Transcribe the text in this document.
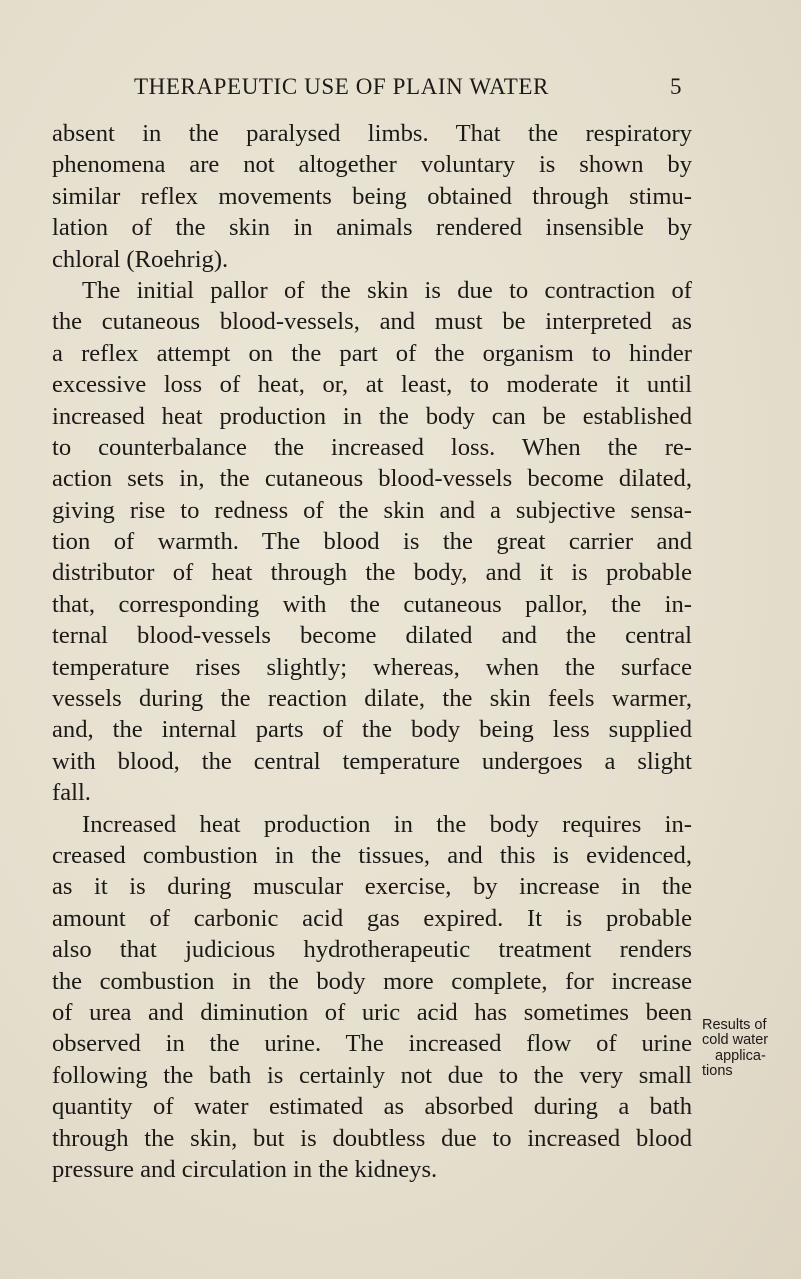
THERAPEUTIC USE OF PLAIN WATER	5
absent in the paralysed limbs. That the respiratory
phenomena are not altogether voluntary is shown by
similar reflex movements being obtained through stimu-
lation of the skin in animals rendered insensible by
chloral (Roehrig).
The initial pallor of the skin is due to contraction of
the cutaneous blood-vessels, and must be interpreted as
a reflex attempt on the part of the organism to hinder
excessive loss of heat, or, at least, to moderate it until
increased heat production in the body can be established
to counterbalance the increased loss. When the re-
action sets in, the cutaneous blood-vessels become dilated,
giving rise to redness of the skin and a subjective sensa-
tion of warmth. The blood is the great carrier and
distributor of heat through the body, and it is probable
that, corresponding with the cutaneous pallor, the in-
ternal blood-vessels become dilated and the central
temperature rises slightly; whereas, when the surface
vessels during the reaction dilate, the skin feels warmer,
and, the internal parts of the body being less supplied
with blood, the central temperature undergoes a slight
fall.
Increased heat production in the body requires in-
creased combustion in the tissues, and this is evidenced,
as it is during muscular exercise, by increase in the
amount of carbonic acid gas expired. It is probable
also that judicious hydrotherapeutic treatment renders
the combustion in the body more complete, for increase
of urea and diminution of uric acid has sometimes been
observed in the urine. The increased flow of urine
following the bath is certainly not due to the very small
quantity of water estimated as absorbed during a bath
through the skin, but is doubtless due to increased blood
pressure and circulation in the kidneys.
Results of
cold water
applica-
tions
